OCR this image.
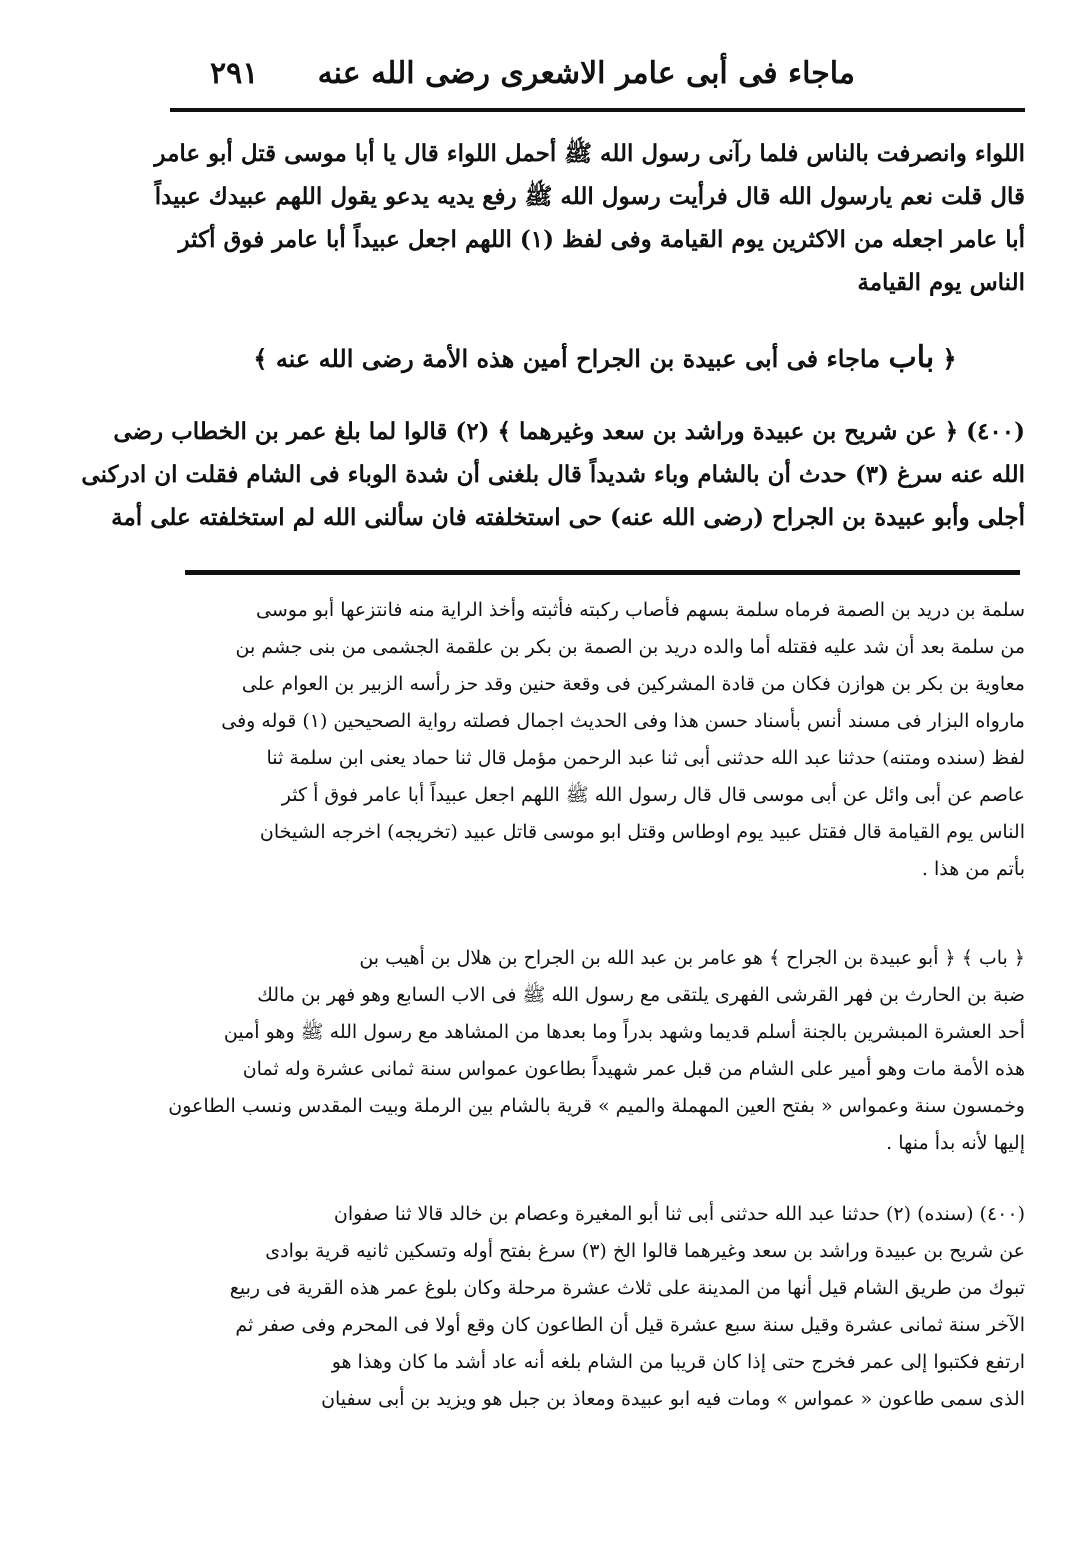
٢٩١ ماجاء فى أبى عامر الاشعرى رضى الله عنه
اللواء وانصرفت بالناس فلما رآنى رسول الله ﷺ أحمل اللواء قال يا أبا موسى قتل أبو عامر
قال قلت نعم يارسول الله قال فرأيت رسول الله ﷺ رفع يديه يدعو يقول اللهم عبيدك عبيداً
أبا عامر اجعله من الاكثرين يوم القيامة وفى لفظ (١) اللهم اجعل عبيداً أبا عامر فوق أكثر
الناس يوم القيامة
﴿ باب ماجاء فى أبى عبيدة بن الجراح أمين هذه الأمة رضى الله عنه ﴾
(٤٠٠) ﴿ عن شريح بن عبيدة وراشد بن سعد وغيرهما ﴾ (٢) قالوا لما بلغ عمر بن الخطاب رضى
الله عنه سرغ (٣) حدث أن بالشام وباء شديداً قال بلغنى أن شدة الوباء فى الشام فقلت ان ادركنى
أجلى وأبو عبيدة بن الجراح (رضى الله عنه) حى استخلفته فان سألنى الله لم استخلفته على أمة
سلمة بن دريد بن الصمة فرماه سلمة بسهم فأصاب ركبته فأثبته وأخذ الراية منه فانتزعها أبو موسى
من سلمة بعد أن شد عليه فقتله أما والده دريد بن الصمة بن بكر بن علقمة الجشمى من بنى جشم بن
معاوية بن بكر بن هوازن فكان من قادة المشركين فى وقعة حنين وقد حز رأسه الزبير بن العوام على
مارواه البزار فى مسند أنس بأسناد حسن هذا وفى الحديث اجمال فصلته رواية الصحيحين (١) قوله وفى
لفظ (سنده ومتنه) حدثنا عبد الله حدثنى أبى ثنا عبد الرحمن مؤمل قال ثنا حماد يعنى ابن سلمة ثنا
عاصم عن أبى وائل عن أبى موسى قال قال رسول الله ﷺ اللهم اجعل عبيداً أبا عامر فوق أ كثر
الناس يوم القيامة قال فقتل عبيد يوم اوطاس وقتل ابو موسى قاتل عبيد (تخريجه) اخرجه الشيخان
بأتم من هذا .
﴿ باب ﴾ ﴿ أبو عبيدة بن الجراح ﴾ هو عامر بن عبد الله بن الجراح بن هلال بن أهيب بن
ضبة بن الحارث بن فهر القرشى الفهرى يلتقى مع رسول الله ﷺ فى الاب السابع وهو فهر بن مالك
أحد العشرة المبشرين بالجنة أسلم قديما وشهد بدراً وما بعدها من المشاهد مع رسول الله ﷺ وهو أمين
هذه الأمة مات وهو أمير على الشام من قبل عمر شهيداً بطاعون عمواس سنة ثمانى عشرة وله ثمان
وخمسون سنة وعمواس « بفتح العين المهملة والميم » قرية بالشام بين الرملة وبيت المقدس ونسب الطاعون
إليها لأنه بدأ منها .
(٤٠٠) (سنده) (٢) حدثنا عبد الله حدثنى أبى ثنا أبو المغيرة وعصام بن خالد قالا ثنا صفوان
عن شريح بن عبيدة وراشد بن سعد وغيرهما قالوا الخ (٣) سرغ بفتح أوله وتسكين ثانيه قرية بوادى
تبوك من طريق الشام قيل أنها من المدينة على ثلاث عشرة مرحلة وكان بلوغ عمر هذه القرية فى ربيع
الآخر سنة ثمانى عشرة وقيل سنة سبع عشرة قيل أن الطاعون كان وقع أولا فى المحرم وفى صفر ثم
ارتفع فكتبوا إلى عمر فخرج حتى إذا كان قريبا من الشام بلغه أنه عاد أشد ما كان وهذا هو
الذى سمى طاعون « عمواس » ومات فيه ابو عبيدة ومعاذ بن جبل هو ويزيد بن أبى سفيان
